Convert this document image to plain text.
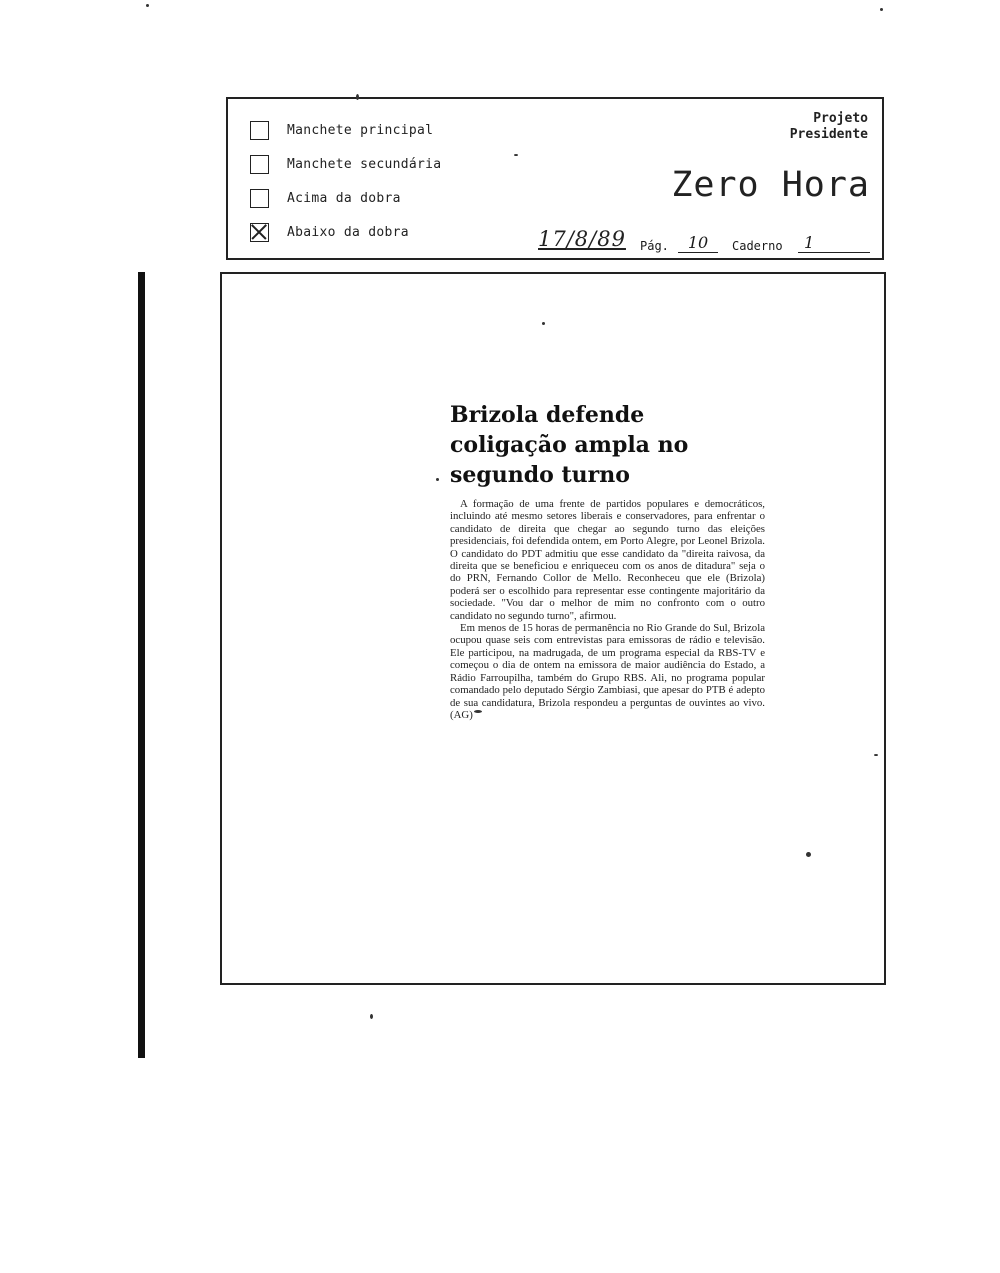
Manchete principal
Manchete secundária
Acima da dobra
Abaixo da dobra
Projeto
Presidente
Zero Hora
17/8/89 Pág.	10	Caderno	1
Brizola defende coligação ampla no segundo turno

A formação de uma frente de partidos populares e democráticos, incluindo até mesmo setores liberais e conservadores, para enfrentar o candidato de direita que chegar ao segundo turno das eleições presidenciais, foi defendida ontem, em Porto Alegre, por Leonel Brizola. O candidato do PDT admitiu que esse candidato da "direita raivosa, da direita que se beneficiou e enriqueceu com os anos de ditadura" seja o do PRN, Fernando Collor de Mello. Reconheceu que ele (Brizola) poderá ser o escolhido para representar esse contingente majoritário da sociedade. "Vou dar o melhor de mim no confronto com o outro candidato no segundo turno", afirmou.

Em menos de 15 horas de permanência no Rio Grande do Sul, Brizola ocupou quase seis com entrevistas para emissoras de rádio e televisão. Ele participou, na madrugada, de um programa especial da RBS-TV e começou o dia de ontem na emissora de maior audiência do Estado, a Rádio Farroupilha, também do Grupo RBS. Ali, no programa popular comandado pelo deputado Sérgio Zambiasi, que apesar do PTB é adepto de sua candidatura, Brizola respondeu a perguntas de ouvintes ao vivo. (AG)
